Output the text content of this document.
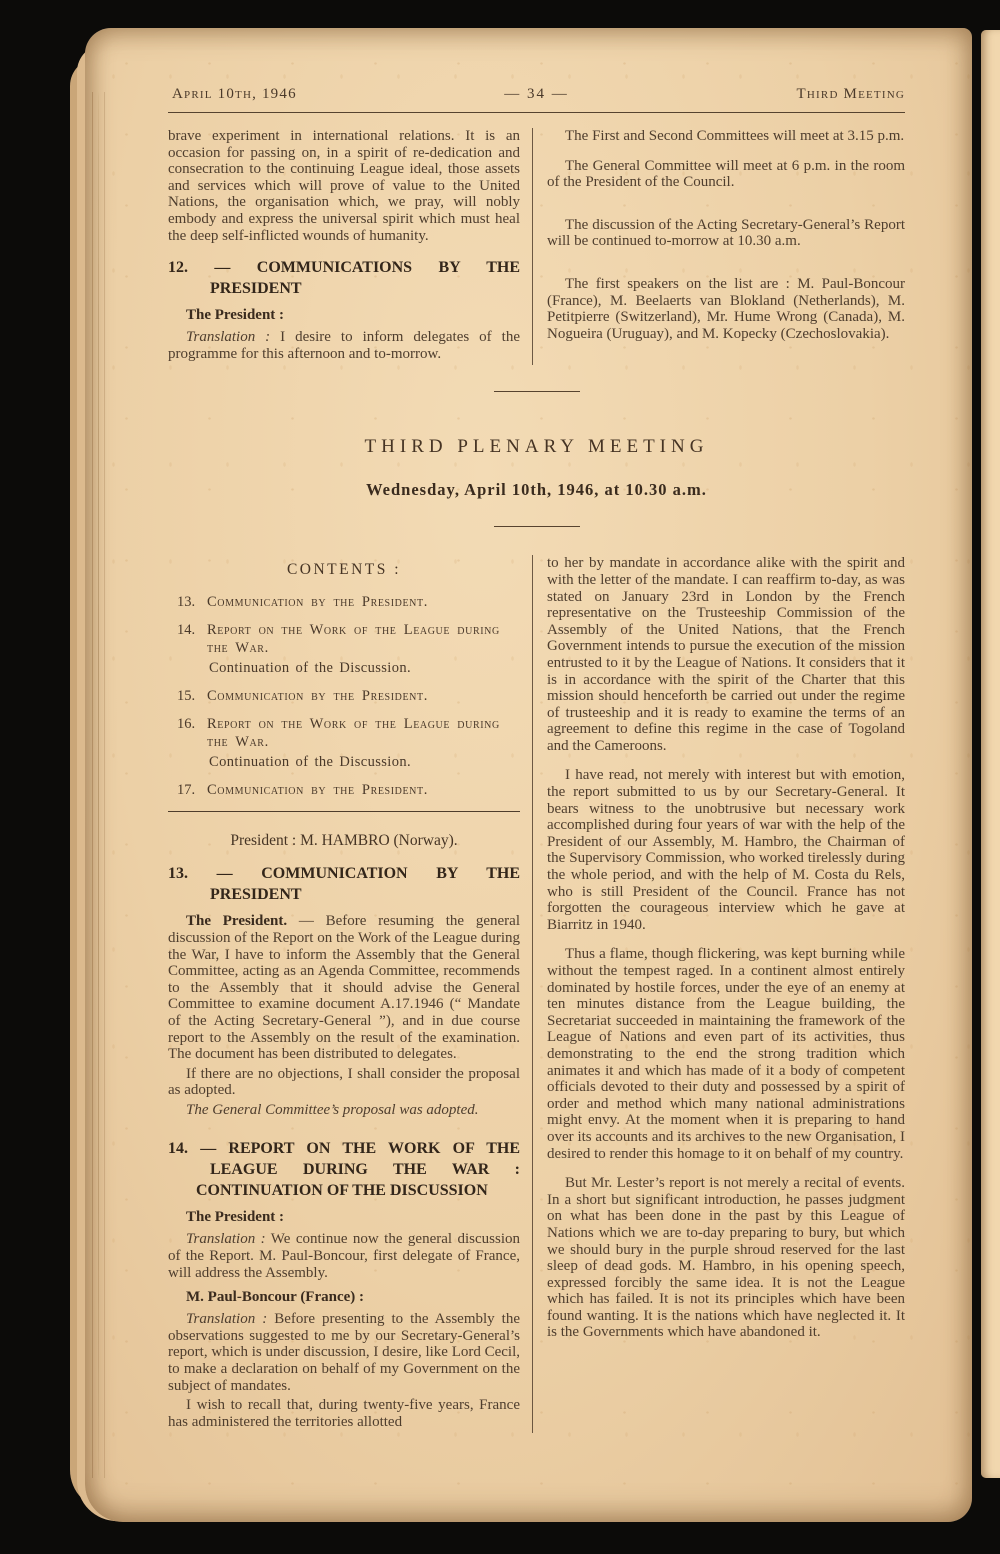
April 10th, 1946	— 34 —	Third Meeting

brave experiment in international relations. It is an occasion for passing on, in a spirit of re-dedication and consecration to the continuing League ideal, those assets and services which will prove of value to the United Nations, the organisation which, we pray, will nobly embody and express the universal spirit which must heal the deep self-inflicted wounds of humanity.

12. — COMMUNICATIONS BY THE
PRESIDENT

The President :

Translation : I desire to inform delegates of the programme for this afternoon and to-morrow.

The First and Second Committees will meet at 3.15 p.m.

The General Committee will meet at 6 p.m. in the room of the President of the Council.

The discussion of the Acting Secretary-General’s Report will be continued to-morrow at 10.30 a.m.

The first speakers on the list are : M. Paul-Boncour (France), M. Beelaerts van Blokland (Netherlands), M. Petitpierre (Switzerland), Mr. Hume Wrong (Canada), M. Nogueira (Uruguay), and M. Kopecky (Czechoslovakia).

THIRD PLENARY MEETING
Wednesday, April 10th, 1946, at 10.30 a.m.
CONTENTS :
13. Communication by the President.
14. Report on the Work of the League during the War.
Continuation of the Discussion.
15. Communication by the President.
16. Report on the Work of the League during the War.
Continuation of the Discussion.
17. Communication by the President.
President : M. HAMBRO (Norway).
13. — COMMUNICATION BY THE
PRESIDENT

The President. — Before resuming the general discussion of the Report on the Work of the League during the War, I have to inform the Assembly that the General Committee, acting as an Agenda Committee, recommends to the Assembly that it should advise the General Committee to examine document A.17.1946 (“ Mandate of the Acting Secretary-General ”), and in due course report to the Assembly on the result of the examination. The document has been distributed to delegates.

If there are no objections, I shall consider the proposal as adopted.

The General Committee’s proposal was adopted.

14. — REPORT ON THE WORK OF THE
LEAGUE DURING THE WAR :
CONTINUATION OF THE DISCUSSION

The President :

Translation : We continue now the general discussion of the Report. M. Paul-Boncour, first delegate of France, will address the Assembly.

M. Paul-Boncour (France) :

Translation : Before presenting to the Assembly the observations suggested to me by our Secretary-General’s report, which is under discussion, I desire, like Lord Cecil, to make a declaration on behalf of my Government on the subject of mandates.

I wish to recall that, during twenty-five years, France has administered the territories allotted

to her by mandate in accordance alike with the spirit and with the letter of the mandate. I can reaffirm to-day, as was stated on January 23rd in London by the French representative on the Trusteeship Commission of the Assembly of the United Nations, that the French Government intends to pursue the execution of the mission entrusted to it by the League of Nations. It considers that it is in accordance with the spirit of the Charter that this mission should henceforth be carried out under the regime of trusteeship and it is ready to examine the terms of an agreement to define this regime in the case of Togoland and the Cameroons.

I have read, not merely with interest but with emotion, the report submitted to us by our Secretary-General. It bears witness to the unobtrusive but necessary work accomplished during four years of war with the help of the President of our Assembly, M. Hambro, the Chairman of the Supervisory Commission, who worked tirelessly during the whole period, and with the help of M. Costa du Rels, who is still President of the Council. France has not forgotten the courageous interview which he gave at Biarritz in 1940.

Thus a flame, though flickering, was kept burning while without the tempest raged. In a continent almost entirely dominated by hostile forces, under the eye of an enemy at ten minutes distance from the League building, the Secretariat succeeded in maintaining the framework of the League of Nations and even part of its activities, thus demonstrating to the end the strong tradition which animates it and which has made of it a body of competent officials devoted to their duty and possessed by a spirit of order and method which many national administrations might envy. At the moment when it is preparing to hand over its accounts and its archives to the new Organisation, I desired to render this homage to it on behalf of my country.

But Mr. Lester’s report is not merely a recital of events. In a short but significant introduction, he passes judgment on what has been done in the past by this League of Nations which we are to-day preparing to bury, but which we should bury in the purple shroud reserved for the last sleep of dead gods. M. Hambro, in his opening speech, expressed forcibly the same idea. It is not the League which has failed. It is not its principles which have been found wanting. It is the nations which have neglected it. It is the Governments which have abandoned it.
